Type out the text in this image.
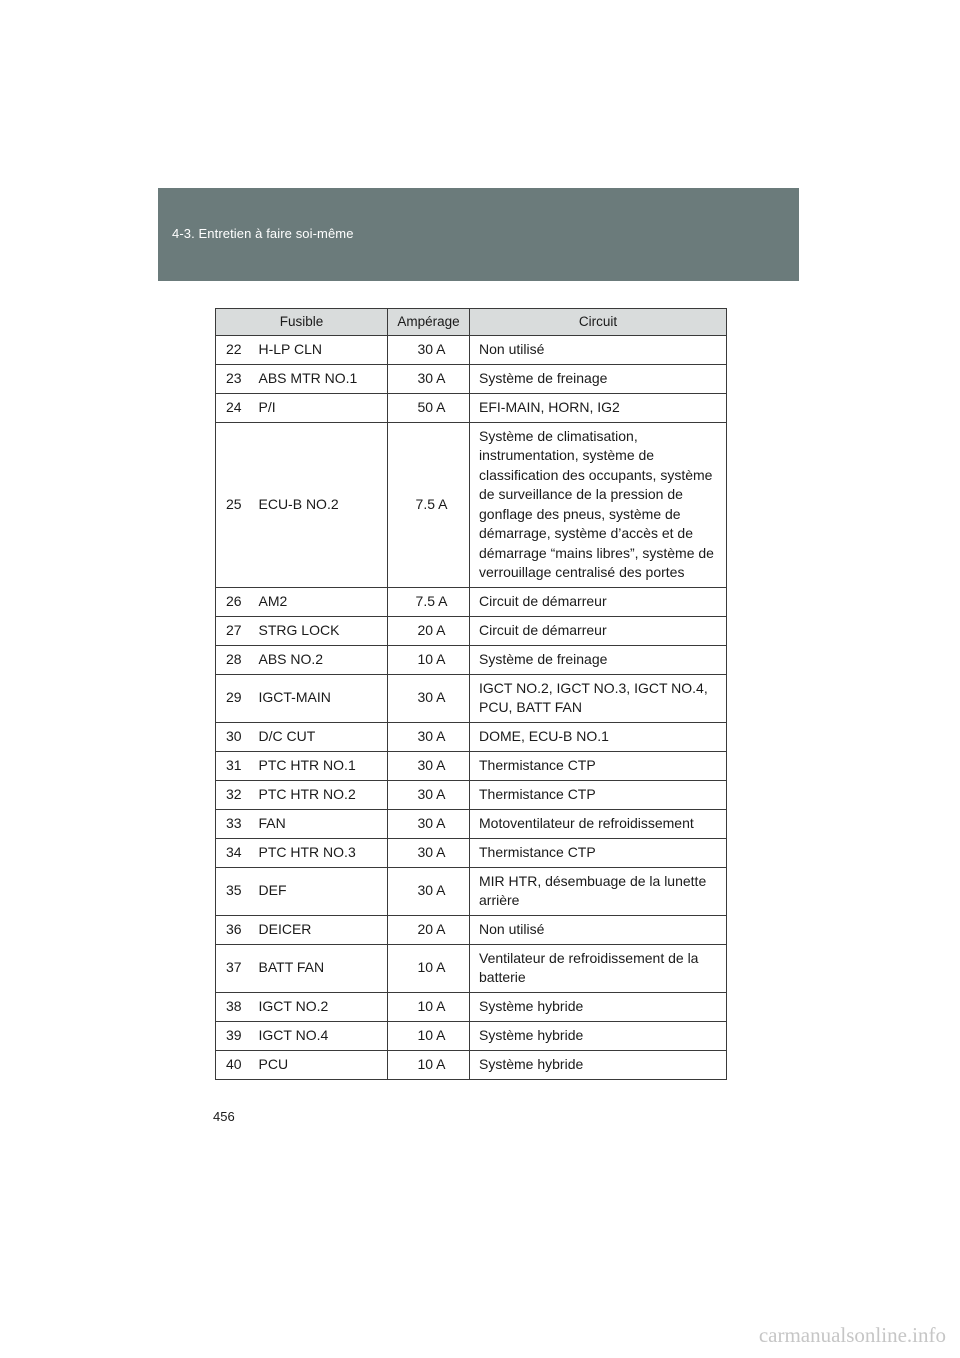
4-3. Entretien à faire soi-même
Fusible		Ampérage	Circuit
22	H-LP CLN	30 A	Non utilisé
23	ABS MTR NO.1	30 A	Système de freinage
24	P/I	50 A	EFI-MAIN, HORN, IG2
25	ECU-B NO.2	7.5 A	Système de climatisation, instrumentation, système de classification des occupants, système de surveillance de la pression de gonflage des pneus, système de démarrage, système d’accès et de démarrage “mains libres”, système de verrouillage centralisé des portes
26	AM2	7.5 A	Circuit de démarreur
27	STRG LOCK	20 A	Circuit de démarreur
28	ABS NO.2	10 A	Système de freinage
29	IGCT-MAIN	30 A	IGCT NO.2, IGCT NO.3, IGCT NO.4, PCU, BATT FAN
30	D/C CUT	30 A	DOME, ECU-B NO.1
31	PTC HTR NO.1	30 A	Thermistance CTP
32	PTC HTR NO.2	30 A	Thermistance CTP
33	FAN	30 A	Motoventilateur de refroidissement
34	PTC HTR NO.3	30 A	Thermistance CTP
35	DEF	30 A	MIR HTR, désembuage de la lunette arrière
36	DEICER	20 A	Non utilisé
37	BATT FAN	10 A	Ventilateur de refroidissement de la batterie
38	IGCT NO.2	10 A	Système hybride
39	IGCT NO.4	10 A	Système hybride
40	PCU	10 A	Système hybride
456
carmanualsonline.info
